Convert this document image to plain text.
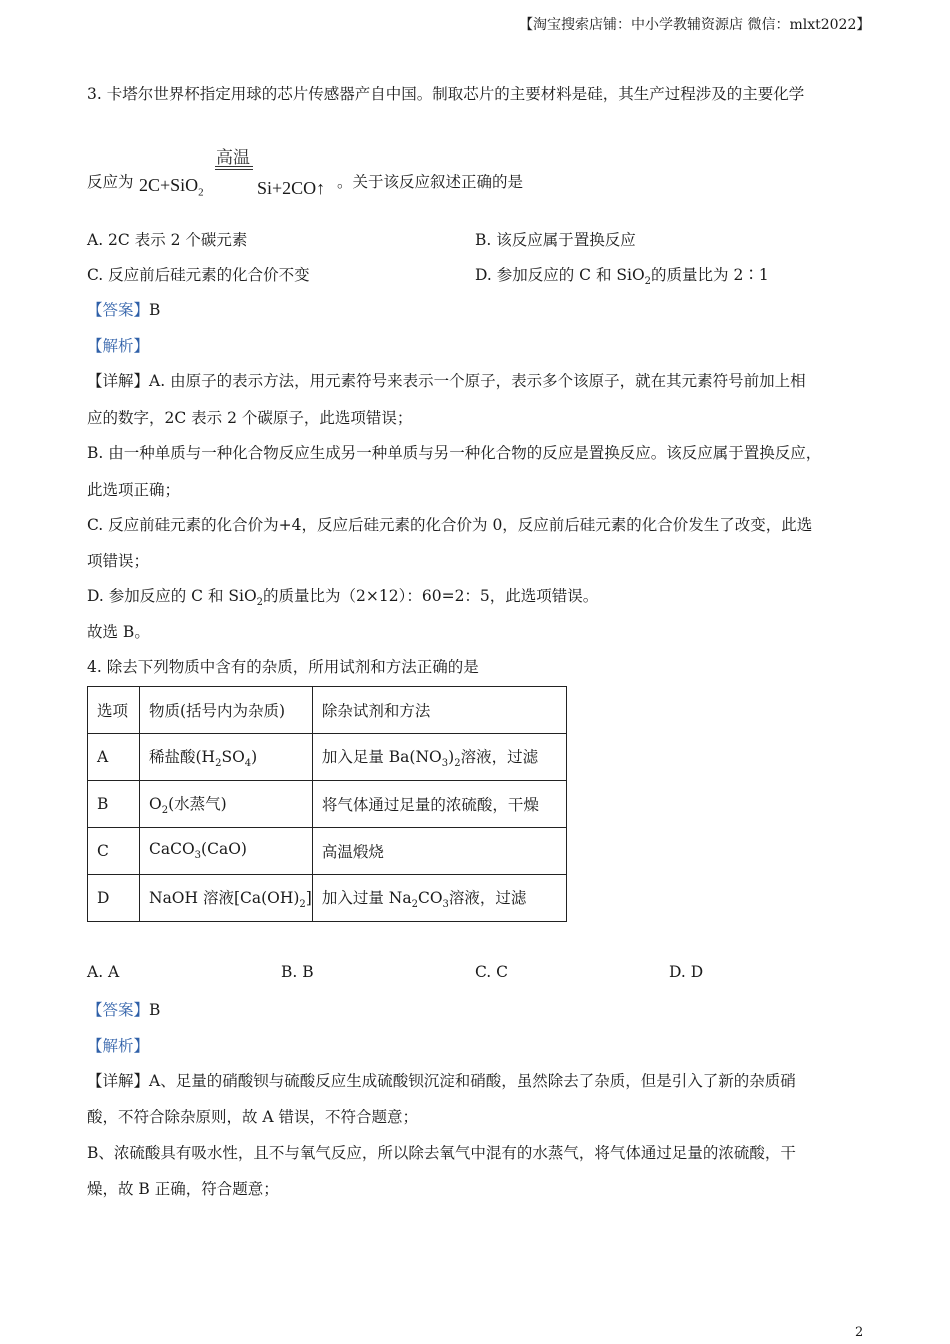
【淘宝搜索店铺：中小学教辅资源店 微信：mlxt2022】
3. 卡塔尔世界杯指定用球的芯片传感器产自中国。制取芯片的主要材料是硅，其生产过程涉及的主要化学
反应为 2C+SiO$_2$
高温
Si+2CO↑ 。关于该反应叙述正确的是
A. 2C 表示 2 个碳元素	B. 该反应属于置换反应
C. 反应前后硅元素的化合价不变	D. 参加反应的 C 和 SiO$_2$的质量比为 2∶1
【答案】B
【解析】
【详解】A. 由原子的表示方法，用元素符号来表示一个原子，表示多个该原子，就在其元素符号前加上相
应的数字，2C 表示 2 个碳原子，此选项错误；
B. 由一种单质与一种化合物反应生成另一种单质与另一种化合物的反应是置换反应。该反应属于置换反应，
此选项正确；
C. 反应前硅元素的化合价为+4，反应后硅元素的化合价为 0，反应前后硅元素的化合价发生了改变，此选
项错误；
D. 参加反应的 C 和 SiO$_2$的质量比为（2×12）：60=2：5，此选项错误。
故选 B。
4. 除去下列物质中含有的杂质，所用试剂和方法正确的是
选项	物质(括号内为杂质)	除杂试剂和方法
A	稀盐酸$(H_2SO_4)$	加入足量 $Ba(NO_3)_2$溶液，过滤
B	$O_2$(水蒸气)	将气体通过足量的浓硫酸，干燥
C	CaCO$_3$(CaO)	高温煅烧
D	NaOH 溶液$[Ca(OH)_2]$	加入过量 $Na_2CO_3$溶液，过滤
A. A	B. B	C. C	D. D
【答案】B
【解析】
【详解】A、足量的硝酸钡与硫酸反应生成硫酸钡沉淀和硝酸，虽然除去了杂质，但是引入了新的杂质硝
酸，不符合除杂原则，故 A 错误，不符合题意；
B、浓硫酸具有吸水性，且不与氧气反应，所以除去氧气中混有的水蒸气，将气体通过足量的浓硫酸，干
燥，故 B 正确，符合题意；
2
